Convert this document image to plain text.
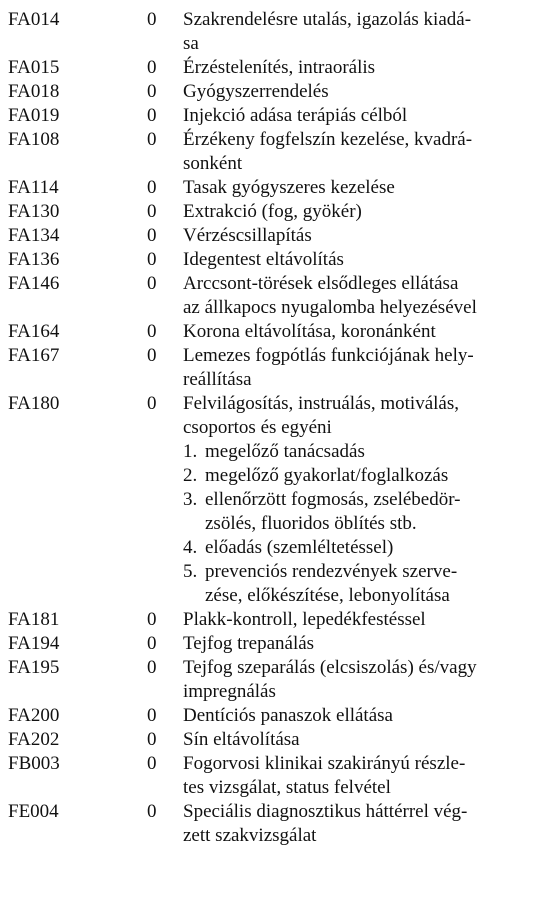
FA014	0 Szakrendelésre utalás, igazolás kiadá-
sa
FA015	0 Érzéstelenítés, intraorális
FA018	0 Gyógyszerrendelés
FA019	0 Injekció adása terápiás célból
FA108	0 Érzékeny fogfelszín kezelése, kvadrá-
sonként
FA114	0 Tasak gyógyszeres kezelése
FA130	0 Extrakció (fog, gyökér)
FA134	0 Vérzéscsillapítás
FA136	0 Idegentest eltávolítás
FA146	0 Arccsont-törések elsődleges ellátása
az állkapocs nyugalomba helyezésével
FA164	0 Korona eltávolítása, koronánként
FA167	0 Lemezes fogpótlás funkciójának hely-
reállítása
FA180	0 Felvilágosítás, instruálás, motiválás,
csoportos és egyéni
1. megelőző tanácsadás
2. megelőző gyakorlat/foglalkozás
3. ellenőrzött fogmosás, zselébedör-
zsölés, fluoridos öblítés stb.
4. előadás (szemléltetéssel)
5. prevenciós rendezvények szerve-
zése, előkészítése, lebonyolítása
FA181	0 Plakk-kontroll, lepedékfestéssel
FA194	0 Tejfog trepanálás
FA195	0 Tejfog szeparálás (elcsiszolás) és/vagy
impregnálás
FA200	0 Dentíciós panaszok ellátása
FA202	0 Sín eltávolítása
FB003	0 Fogorvosi klinikai szakirányú részle-
tes vizsgálat, status felvétel
FE004	0 Speciális diagnosztikus háttérrel vég-
zett szakvizsgálat
